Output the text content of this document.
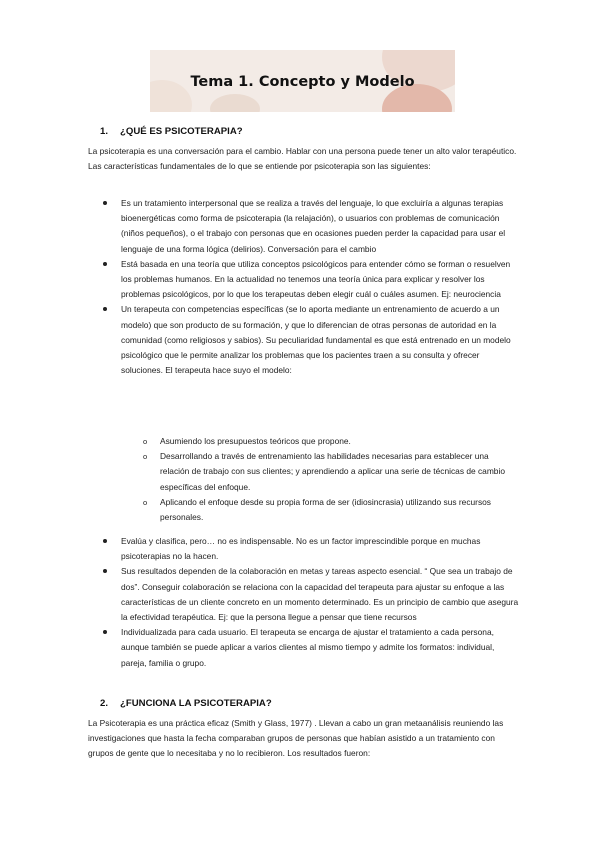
Tema 1. Concepto y Modelo
1. ¿QUÉ ES PSICOTERAPIA?

La psicoterapia es una conversación para el cambio. Hablar con una persona puede tener un alto valor terapéutico. Las características fundamentales de lo que se entiende por psicoterapia son las siguientes:

Es un tratamiento interpersonal que se realiza a través del lenguaje, lo que excluiría a algunas terapias bioenergéticas como forma de psicoterapia (la relajación), o usuarios con problemas de comunicación (niños pequeños), o el trabajo con personas que en ocasiones pueden perder la capacidad para usar el lenguaje de una forma lógica (delirios). Conversación para el cambio
Está basada en una teoría que utiliza conceptos psicológicos para entender cómo se forman o resuelven los problemas humanos. En la actualidad no tenemos una teoría única para explicar y resolver los problemas psicológicos, por lo que los terapeutas deben elegir cuál o cuáles asumen. Ej: neurociencia
Un terapeuta con competencias específicas (se lo aporta mediante un entrenamiento de acuerdo a un modelo) que son producto de su formación, y que lo diferencian de otras personas de autoridad en la comunidad (como religiosos y sabios). Su peculiaridad fundamental es que está entrenado en un modelo psicológico que le permite analizar los problemas que los pacientes traen a su consulta y ofrecer soluciones. El terapeuta hace suyo el modelo:
o Asumiendo los presupuestos teóricos que propone.
o Desarrollando a través de entrenamiento las habilidades necesarias para establecer una relación de trabajo con sus clientes; y aprendiendo a aplicar una serie de técnicas de cambio específicas del enfoque.
o Aplicando el enfoque desde su propia forma de ser (idiosincrasia) utilizando sus recursos personales.
Evalúa y clasifica, pero… no es indispensable. No es un factor imprescindible porque en muchas psicoterapias no la hacen.
Sus resultados dependen de la colaboración en metas y tareas aspecto esencial. “ Que sea un trabajo de dos”. Conseguir colaboración se relaciona con la capacidad del terapeuta para ajustar su enfoque a las características de un cliente concreto en un momento determinado. Es un principio de cambio que asegura la efectividad terapéutica. Ej: que la persona llegue a pensar que tiene recursos
Individualizada para cada usuario. El terapeuta se encarga de ajustar el tratamiento a cada persona, aunque también se puede aplicar a varios clientes al mismo tiempo y admite los formatos: individual, pareja, familia o grupo.
2. ¿FUNCIONA LA PSICOTERAPIA?

La Psicoterapia es una práctica eficaz (Smith y Glass, 1977) . Llevan a cabo un gran metaanálisis reuniendo las investigaciones que hasta la fecha comparaban grupos de personas que habían asistido a un tratamiento con grupos de gente que lo necesitaba y no lo recibieron. Los resultados fueron:
